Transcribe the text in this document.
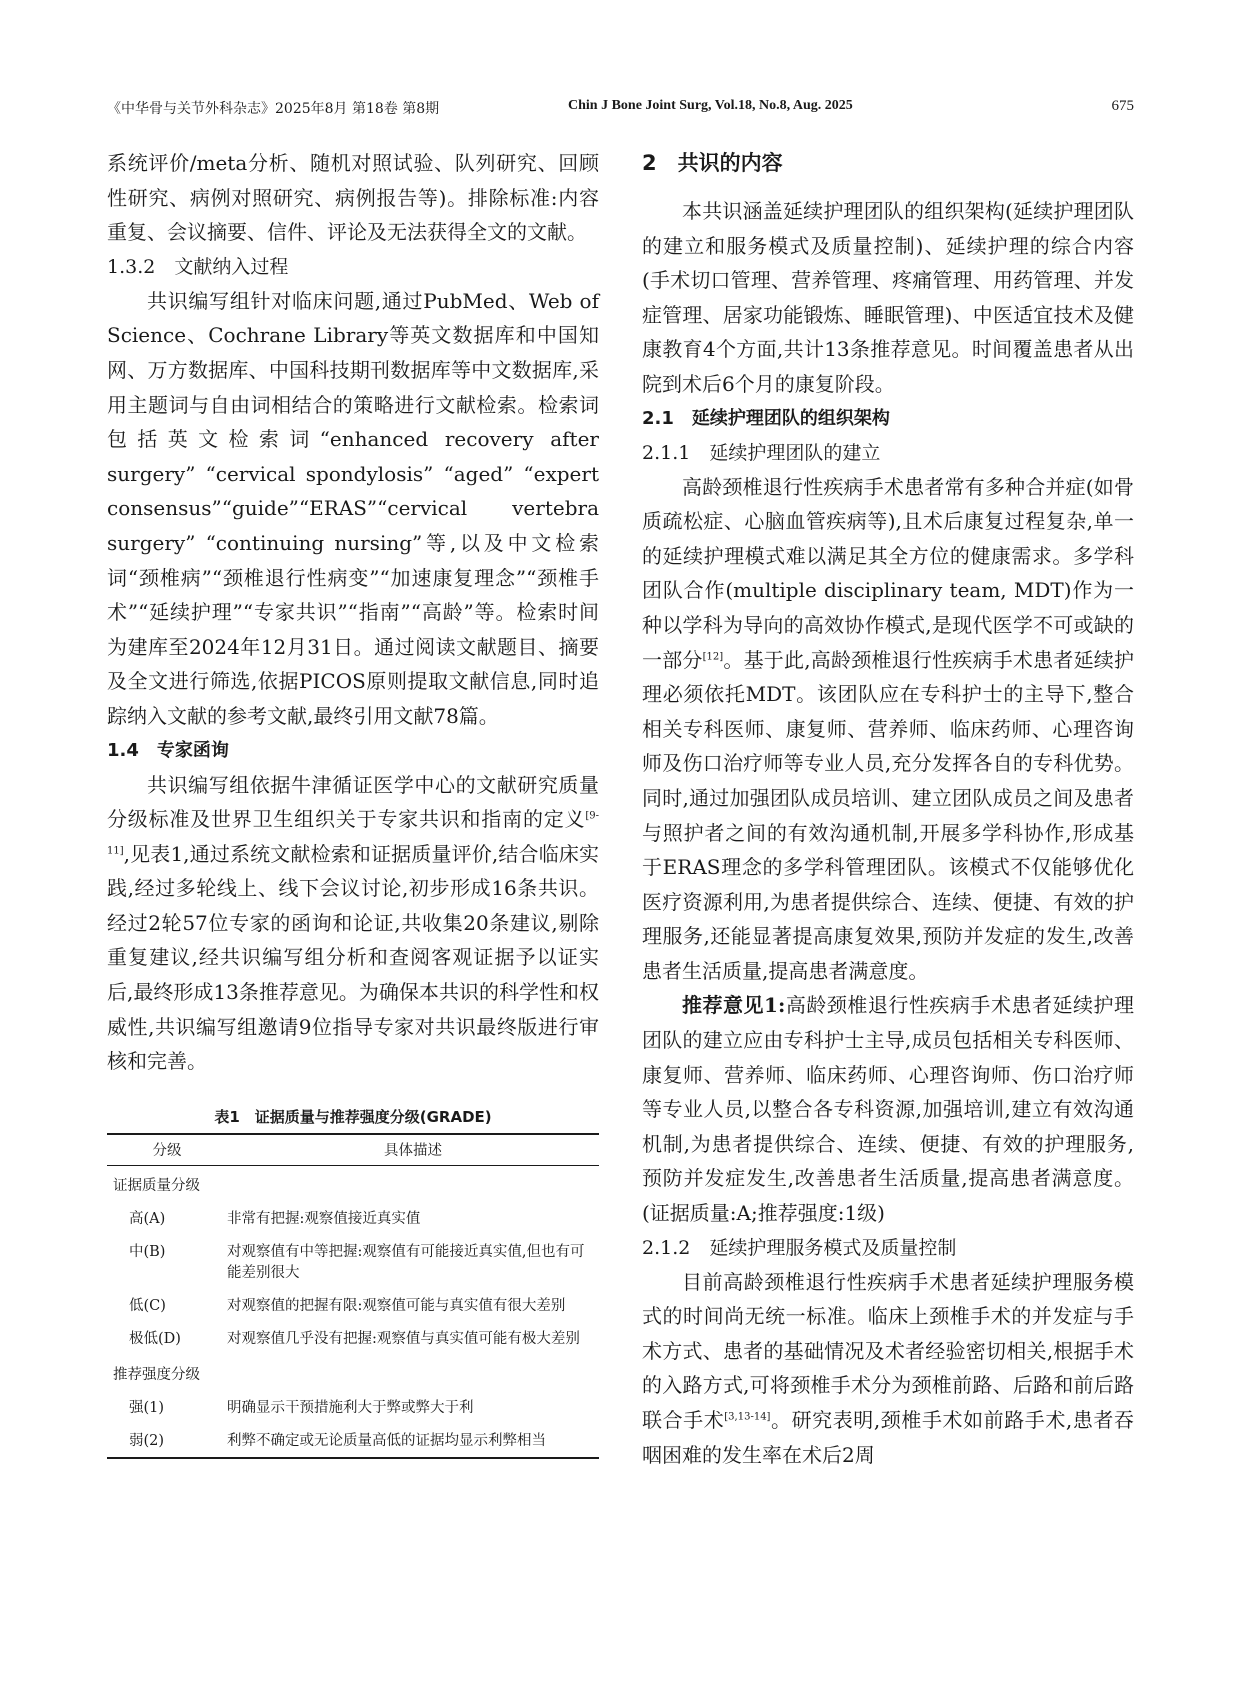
《中华骨与关节外科杂志》2025年8月 第18卷 第8期	Chin J Bone Joint Surg, Vol.18, No.8, Aug. 2025	675

系统评价/meta分析、随机对照试验、队列研究、回顾性研究、病例对照研究、病例报告等)。排除标准:内容重复、会议摘要、信件、评论及无法获得全文的文献。

1.3.2　文献纳入过程

共识编写组针对临床问题,通过PubMed、Web of Science、Cochrane Library等英文数据库和中国知网、万方数据库、中国科技期刊数据库等中文数据库,采用主题词与自由词相结合的策略进行文献检索。检索词包括英文检索词“enhanced recovery after surgery” “cervical spondylosis” “aged” “expert consensus”“guide”“ERAS”“cervical vertebra surgery” “continuing nursing”等,以及中文检索词“颈椎病”“颈椎退行性病变”“加速康复理念”“颈椎手术”“延续护理”“专家共识”“指南”“高龄”等。检索时间为建库至2024年12月31日。通过阅读文献题目、摘要及全文进行筛选,依据PICOS原则提取文献信息,同时追踪纳入文献的参考文献,最终引用文献78篇。

1.4　专家函询

共识编写组依据牛津循证医学中心的文献研究质量分级标准及世界卫生组织关于专家共识和指南的定义[9-11],见表1,通过系统文献检索和证据质量评价,结合临床实践,经过多轮线上、线下会议讨论,初步形成16条共识。经过2轮57位专家的函询和论证,共收集20条建议,剔除重复建议,经共识编写组分析和查阅客观证据予以证实后,最终形成13条推荐意见。为确保本共识的科学性和权威性,共识编写组邀请9位指导专家对共识最终版进行审核和完善。

表1　证据质量与推荐强度分级(GRADE)
分级	具体描述
证据质量分级	
高(A)	非常有把握:观察值接近真实值
中(B)	对观察值有中等把握:观察值有可能接近真实值,但也有可能差别很大
低(C)	对观察值的把握有限:观察值可能与真实值有很大差别
极低(D)	对观察值几乎没有把握:观察值与真实值可能有极大差别
推荐强度分级	
强(1)	明确显示干预措施利大于弊或弊大于利
弱(2)	利弊不确定或无论质量高低的证据均显示利弊相当
2　共识的内容

本共识涵盖延续护理团队的组织架构(延续护理团队的建立和服务模式及质量控制)、延续护理的综合内容(手术切口管理、营养管理、疼痛管理、用药管理、并发症管理、居家功能锻炼、睡眠管理)、中医适宜技术及健康教育4个方面,共计13条推荐意见。时间覆盖患者从出院到术后6个月的康复阶段。

2.1　延续护理团队的组织架构
2.1.1　延续护理团队的建立

高龄颈椎退行性疾病手术患者常有多种合并症(如骨质疏松症、心脑血管疾病等),且术后康复过程复杂,单一的延续护理模式难以满足其全方位的健康需求。多学科团队合作(multiple disciplinary team, MDT)作为一种以学科为导向的高效协作模式,是现代医学不可或缺的一部分[12]。基于此,高龄颈椎退行性疾病手术患者延续护理必须依托MDT。该团队应在专科护士的主导下,整合相关专科医师、康复师、营养师、临床药师、心理咨询师及伤口治疗师等专业人员,充分发挥各自的专科优势。同时,通过加强团队成员培训、建立团队成员之间及患者与照护者之间的有效沟通机制,开展多学科协作,形成基于ERAS理念的多学科管理团队。该模式不仅能够优化医疗资源利用,为患者提供综合、连续、便捷、有效的护理服务,还能显著提高康复效果,预防并发症的发生,改善患者生活质量,提高患者满意度。

推荐意见1:高龄颈椎退行性疾病手术患者延续护理团队的建立应由专科护士主导,成员包括相关专科医师、康复师、营养师、临床药师、心理咨询师、伤口治疗师等专业人员,以整合各专科资源,加强培训,建立有效沟通机制,为患者提供综合、连续、便捷、有效的护理服务,预防并发症发生,改善患者生活质量,提高患者满意度。(证据质量:A;推荐强度:1级)

2.1.2　延续护理服务模式及质量控制

目前高龄颈椎退行性疾病手术患者延续护理服务模式的时间尚无统一标准。临床上颈椎手术的并发症与手术方式、患者的基础情况及术者经验密切相关,根据手术的入路方式,可将颈椎手术分为颈椎前路、后路和前后路联合手术[3,13-14]。研究表明,颈椎手术如前路手术,患者吞咽困难的发生率在术后2周
